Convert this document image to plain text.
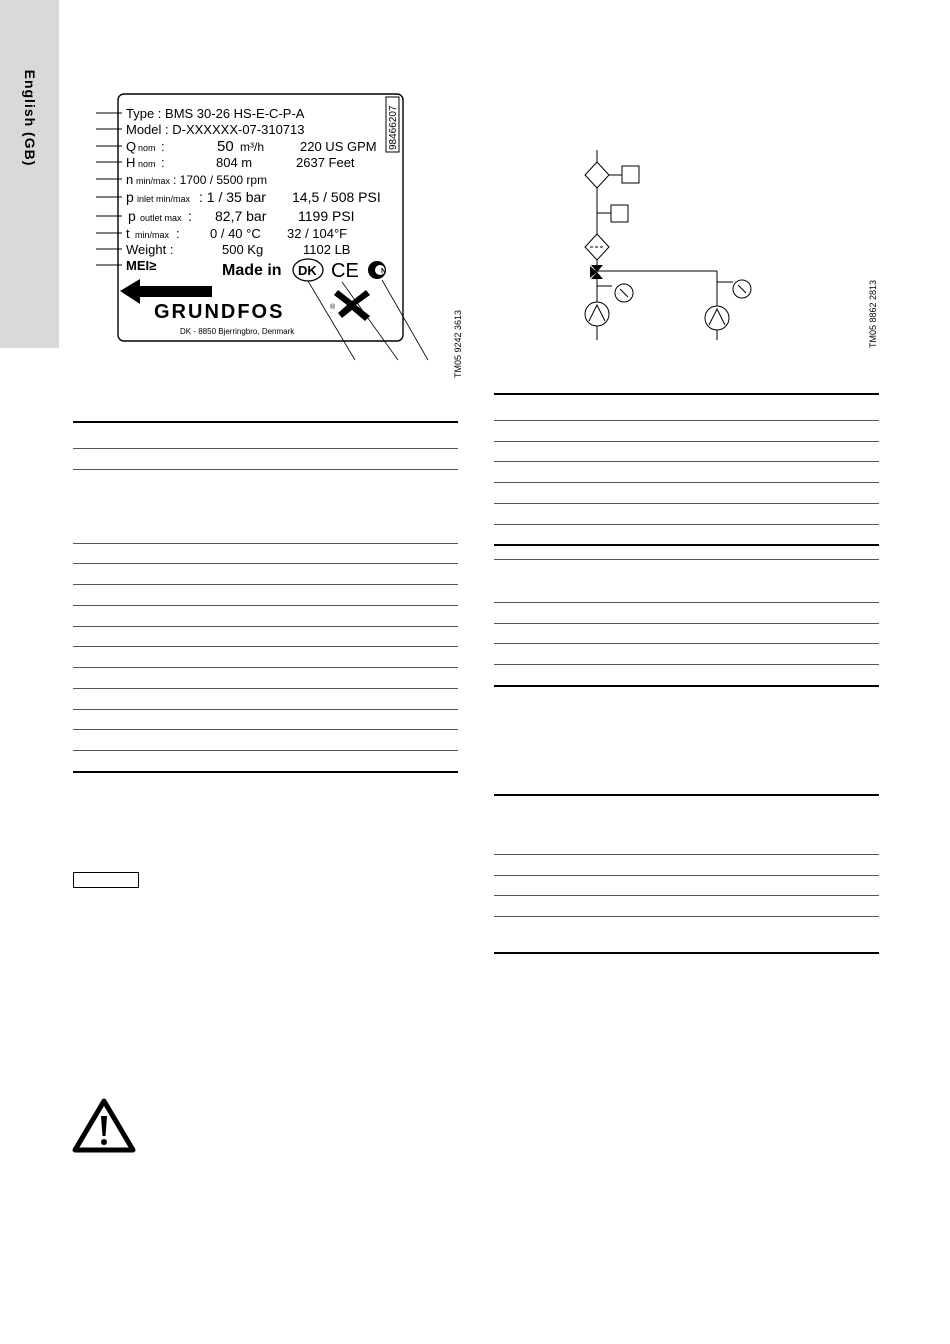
English (GB)	Type : BMS 30-26 HS-E-C-P-A
Model : D-XXXXXX-07-310713	98466207
Q nom :	50 m³/h	220 US GPM
H nom :	804 m	2637 Feet
n min/max : 1700 / 5500 rpm
p inlet min/max : 1 / 35 bar 14,5 / 508 PSI
p outlet max : 82,7 bar 1199 PSI
t min/max : 0 / 40 °C 32 / 104°F
Weight :	500 Kg	1102 LB
MEI≥	Made in DK CE	N
GRUNDFOS	®
DK - 8850 Bjerringbro, Denmark	TM05 9242 3613	TM05 8862 2813
